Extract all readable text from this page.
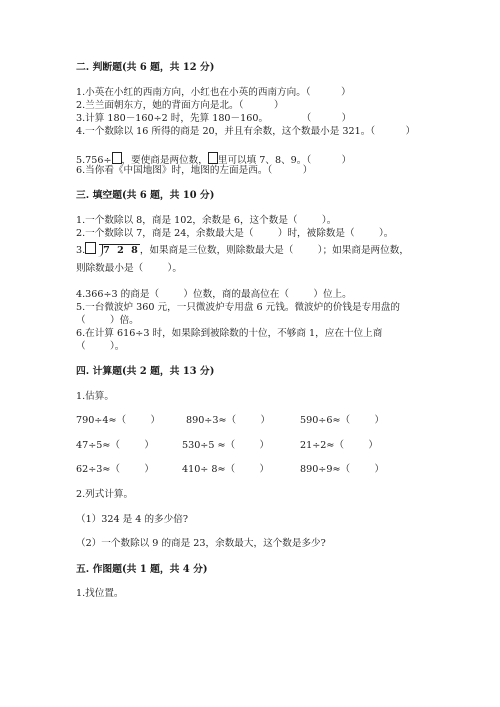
二. 判断题(共 6 题，共 12 分)
1.小英在小红的西南方向，小红也在小英的西南方向。（          ）
2.兰兰面朝东方，她的背面方向是北。（          ）
3.计算 180－160÷2 时，先算 180－160。           （          ）
4.一个数除以 16 所得的商是 20，并且有余数，这个数最小是 321。（          ）
5.756÷ ，要使商是两位数， 里可以填 7、8、9。（          ）
6.当你看《中国地图》时，地图的左面是西。（          ）
三. 填空题(共 6 题，共 10 分)
1.一个数除以 8，商是 102，余数是 6，这个数是（        ）。
2.一个数除以 7，商是 24，余数最大是（        ）时，被除数是（        ）。
3. 7 2 8，如果商是三位数，则除数最大是（        ）；如果商是两位数，
则除数最小是（        ）。
4.366÷3 的商是（        ）位数，商的最高位在（        ）位上。
5.一台微波炉 360 元，一只微波炉专用盘 6 元钱。微波炉的价钱是专用盘的
（        ）倍。
6.在计算 616÷3 时，如果除到被除数的十位，不够商 1，应在十位上商
（        ）。
四. 计算题(共 2 题，共 13 分)
1.估算。
790÷4≈（        ）	890÷3≈（        ）	590÷6≈（        ）
47÷5≈（        ）	530÷5 ≈（        ）	21÷2≈（        ）
62÷3≈（        ）	410÷ 8≈（        ）	890÷9≈（        ）
2.列式计算。
（1）324 是 4 的多少倍?
（2）一个数除以 9 的商是 23，余数最大，这个数是多少?
五. 作图题(共 1 题，共 4 分)
1.找位置。
